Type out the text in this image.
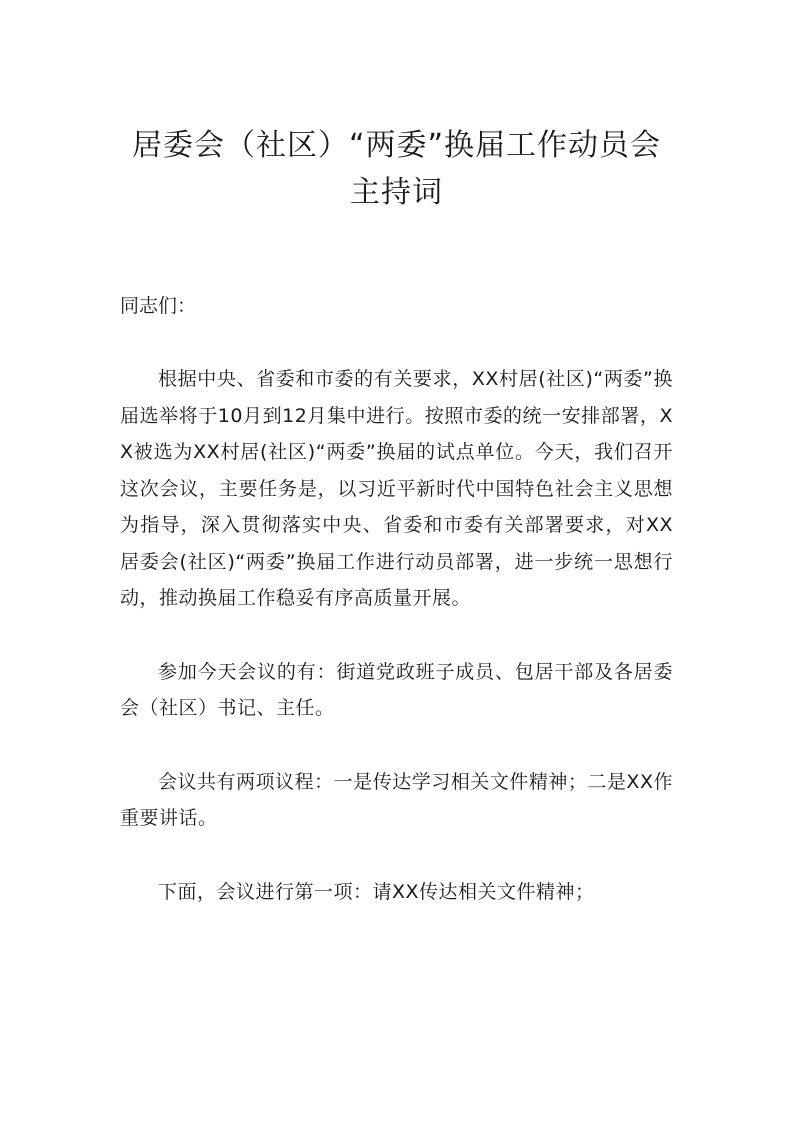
居委会（社区）“两委”换届工作动员会主持词

同志们：

根据中央、省委和市委的有关要求，XX村居(社区)“两委”换届选举将于10月到12月集中进行。按照市委的统一安排部署，XX被选为XX村居(社区)“两委”换届的试点单位。今天，我们召开这次会议，主要任务是，以习近平新时代中国特色社会主义思想为指导，深入贯彻落实中央、省委和市委有关部署要求，对XX居委会(社区)“两委”换届工作进行动员部署，进一步统一思想行动，推动换届工作稳妥有序高质量开展。

参加今天会议的有：街道党政班子成员、包居干部及各居委会（社区）书记、主任。

会议共有两项议程：一是传达学习相关文件精神；二是XX作重要讲话。

下面，会议进行第一项：请XX传达相关文件精神；
